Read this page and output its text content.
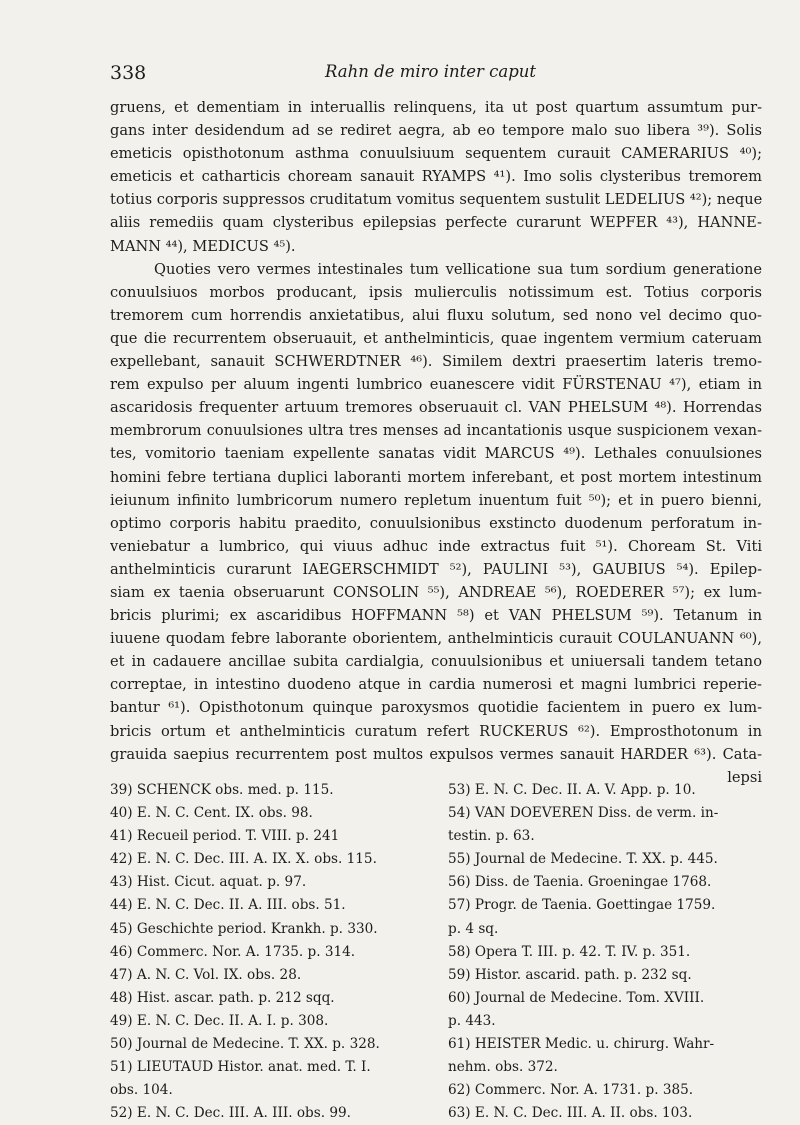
338	Rahn de miro inter caput
gruens, et dementiam in interuallis relinquens, ita ut post quartum assumtum pur-
gans inter desidendum ad se rediret aegra, ab eo tempore malo suo libera ³⁹). Solis
emeticis opisthotonum asthma conuulsiuum sequentem curauit CAMERARIUS ⁴⁰);
emeticis et catharticis choream sanauit RYAMPS ⁴¹). Imo solis clysteribus tremorem
totius corporis suppressos cruditatum vomitus sequentem sustulit LEDELIUS ⁴²); neque
aliis remediis quam clysteribus epilepsias perfecte curarunt WEPFER ⁴³), HANNE-
MANN ⁴⁴), MEDICUS ⁴⁵).
Quoties vero vermes intestinales tum vellicatione sua tum sordium generatione
conuulsiuos morbos producant, ipsis mulierculis notissimum est. Totius corporis
tremorem cum horrendis anxietatibus, alui fluxu solutum, sed nono vel decimo quo-
que die recurrentem obseruauit, et anthelminticis, quae ingentem vermium cateruam
expellebant, sanauit SCHWERDTNER ⁴⁶). Similem dextri praesertim lateris tremo-
rem expulso per aluum ingenti lumbrico euanescere vidit FÜRSTENAU ⁴⁷), etiam in
ascaridosis frequenter artuum tremores obseruauit cl. VAN PHELSUM ⁴⁸). Horrendas
membrorum conuulsiones ultra tres menses ad incantationis usque suspicionem vexan-
tes, vomitorio taeniam expellente sanatas vidit MARCUS ⁴⁹). Lethales conuulsiones
homini febre tertiana duplici laboranti mortem inferebant, et post mortem intestinum
ieiunum infinito lumbricorum numero repletum inuentum fuit ⁵⁰); et in puero bienni,
optimo corporis habitu praedito, conuulsionibus exstincto duodenum perforatum in-
veniebatur a lumbrico, qui viuus adhuc inde extractus fuit ⁵¹). Choream St. Viti
anthelminticis curarunt IAEGERSCHMIDT ⁵²), PAULINI ⁵³), GAUBIUS ⁵⁴). Epilep-
siam ex taenia obseruarunt CONSOLIN ⁵⁵), ANDREAE ⁵⁶), ROEDERER ⁵⁷); ex lum-
bricis plurimi; ex ascaridibus HOFFMANN ⁵⁸) et VAN PHELSUM ⁵⁹). Tetanum in
iuuene quodam febre laborante oborientem, anthelminticis curauit COULANUANN ⁶⁰),
et in cadauere ancillae subita cardialgia, conuulsionibus et uniuersali tandem tetano
correptae, in intestino duodeno atque in cardia numerosi et magni lumbrici reperie-
bantur ⁶¹). Opisthotonum quinque paroxysmos quotidie facientem in puero ex lum-
bricis ortum et anthelminticis curatum refert RUCKERUS ⁶²). Emprosthotonum in
grauida saepius recurrentem post multos expulsos vermes sanauit HARDER ⁶³). Cata-
lepsi
39) SCHENCK obs. med. p. 115.
40) E. N. C. Cent. IX. obs. 98.
41) Recueil period. T. VIII. p. 241
42) E. N. C. Dec. III. A. IX. X. obs. 115.
43) Hist. Cicut. aquat. p. 97.
44) E. N. C. Dec. II. A. III. obs. 51.
45) Geschichte period. Krankh. p. 330.
46) Commerc. Nor. A. 1735. p. 314.
47) A. N. C. Vol. IX. obs. 28.
48) Hist. ascar. path. p. 212 sqq.
49) E. N. C. Dec. II. A. I. p. 308.
50) Journal de Medecine. T. XX. p. 328.
51) LIEUTAUD Histor. anat. med. T. I.
obs. 104.
52) E. N. C. Dec. III. A. III. obs. 99.
53) E. N. C. Dec. II. A. V. App. p. 10.
54) VAN DOEVEREN Diss. de verm. in-
testin. p. 63.
55) Journal de Medecine. T. XX. p. 445.
56) Diss. de Taenia. Groeningae 1768.
57) Progr. de Taenia. Goettingae 1759.
p. 4 sq.
58) Opera T. III. p. 42. T. IV. p. 351.
59) Histor. ascarid. path. p. 232 sq.
60) Journal de Medecine. Tom. XVIII.
p. 443.
61) HEISTER Medic. u. chirurg. Wahr-
nehm. obs. 372.
62) Commerc. Nor. A. 1731. p. 385.
63) E. N. C. Dec. III. A. II. obs. 103.
